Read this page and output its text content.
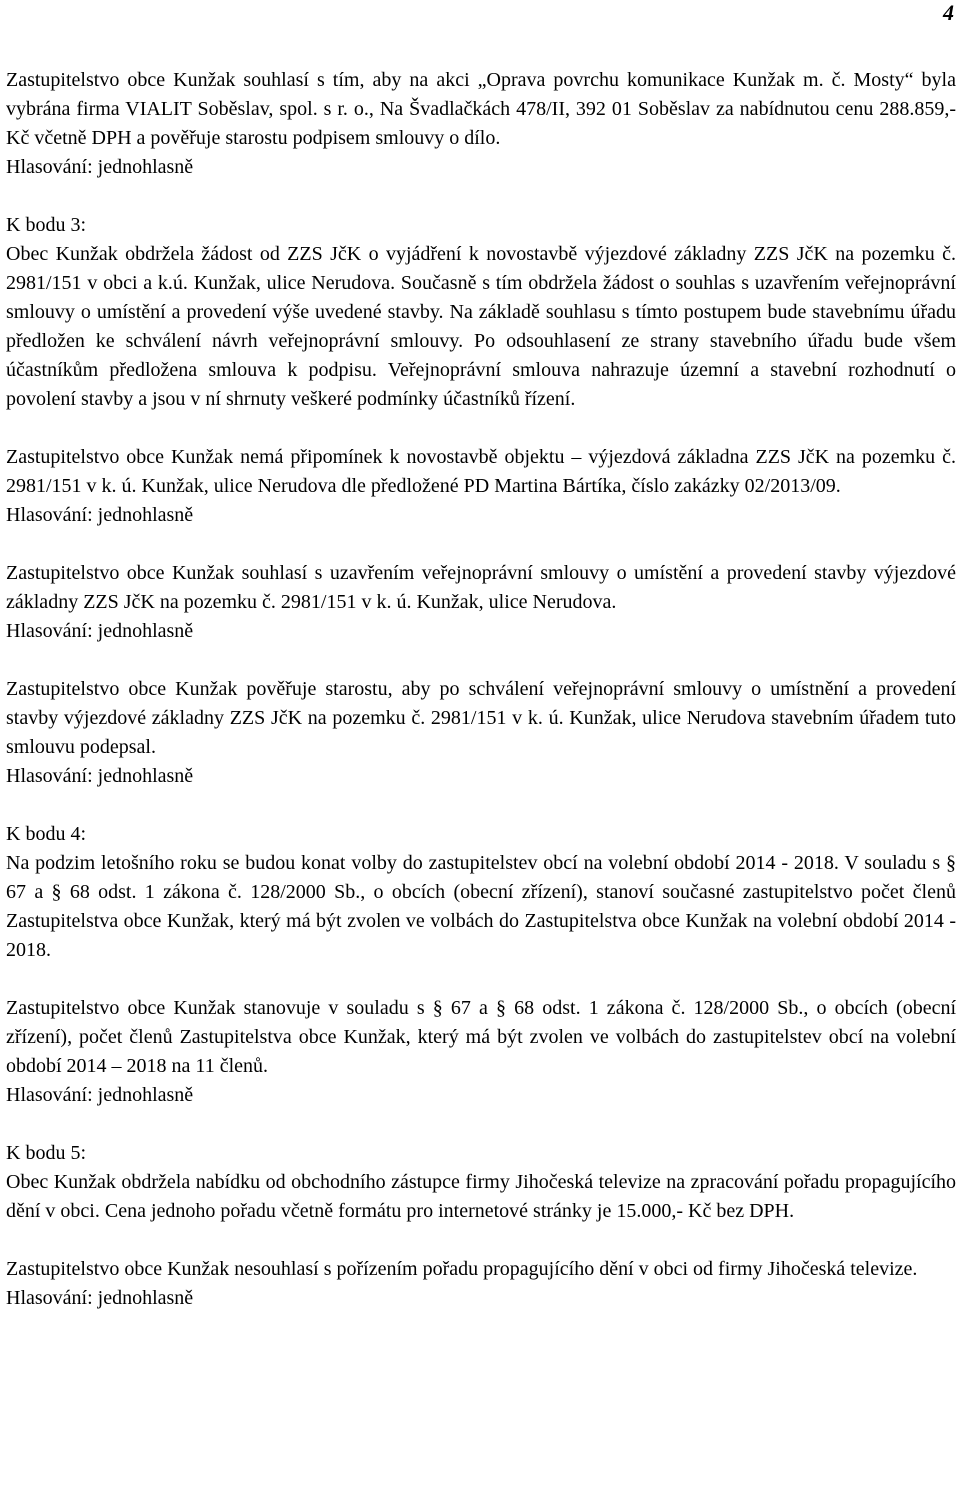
4

Zastupitelstvo obce Kunžak souhlasí s tím, aby na akci „Oprava povrchu komunikace Kunžak m. č. Mosty“ byla vybrána firma VIALIT Soběslav, spol. s r. o., Na Švadlačkách 478/II, 392 01 Soběslav za nabídnutou cenu 288.859,- Kč včetně DPH a pověřuje starostu podpisem smlouvy o dílo.

Hlasování: jednohlasně

K bodu 3:

Obec Kunžak obdržela žádost od ZZS JčK o vyjádření k novostavbě výjezdové základny ZZS JčK na pozemku č. 2981/151 v obci a k.ú. Kunžak, ulice Nerudova. Současně s tím obdržela žádost o souhlas s uzavřením veřejnoprávní smlouvy o umístění a provedení výše uvedené stavby. Na základě souhlasu s tímto postupem bude stavebnímu úřadu předložen ke schválení návrh veřejnoprávní smlouvy. Po odsouhlasení ze strany stavebního úřadu bude všem účastníkům předložena smlouva k podpisu. Veřejnoprávní smlouva nahrazuje územní a stavební rozhodnutí o povolení stavby a jsou v ní shrnuty veškeré podmínky účastníků řízení.

Zastupitelstvo obce Kunžak nemá připomínek k novostavbě objektu – výjezdová základna ZZS JčK na pozemku č. 2981/151 v k. ú. Kunžak, ulice Nerudova dle předložené PD Martina Bártíka, číslo zakázky 02/2013/09.

Hlasování: jednohlasně

Zastupitelstvo obce Kunžak souhlasí s uzavřením veřejnoprávní smlouvy o umístění a provedení stavby výjezdové základny ZZS JčK na pozemku č. 2981/151 v k. ú. Kunžak, ulice Nerudova.

Hlasování: jednohlasně

Zastupitelstvo obce Kunžak pověřuje starostu, aby po schválení veřejnoprávní smlouvy o umístnění a provedení stavby výjezdové základny ZZS JčK na pozemku č. 2981/151 v k. ú. Kunžak, ulice Nerudova stavebním úřadem tuto smlouvu podepsal.

Hlasování: jednohlasně

K bodu 4:

Na podzim letošního roku se budou konat volby do zastupitelstev obcí na volební období 2014 - 2018. V souladu s § 67 a § 68 odst. 1 zákona č. 128/2000 Sb., o obcích (obecní zřízení), stanoví současné zastupitelstvo počet členů Zastupitelstva obce Kunžak, který má být zvolen ve volbách do Zastupitelstva obce Kunžak na volební období 2014 - 2018.

Zastupitelstvo obce Kunžak stanovuje v souladu s § 67 a § 68 odst. 1 zákona č. 128/2000 Sb., o obcích (obecní zřízení), počet členů Zastupitelstva obce Kunžak, který má být zvolen ve volbách do zastupitelstev obcí na volební období 2014 – 2018 na 11 členů.

Hlasování: jednohlasně

K bodu 5:

Obec Kunžak obdržela nabídku od obchodního zástupce firmy Jihočeská televize na zpracování pořadu propagujícího dění v obci. Cena jednoho pořadu včetně formátu pro internetové stránky je 15.000,- Kč bez DPH.

Zastupitelstvo obce Kunžak nesouhlasí s pořízením pořadu propagujícího dění v obci od firmy Jihočeská televize.

Hlasování: jednohlasně
